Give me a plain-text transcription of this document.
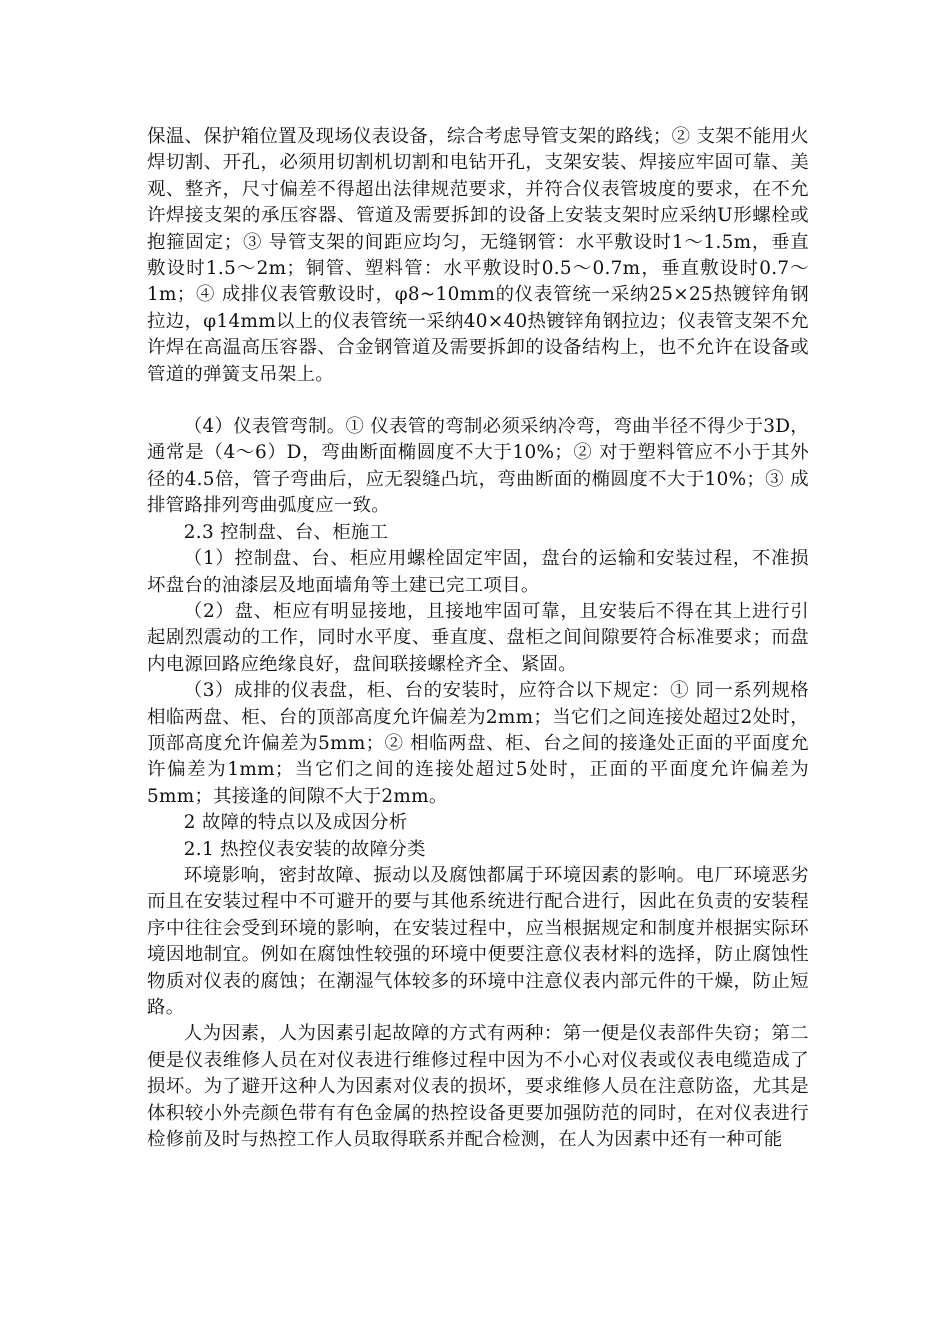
保温、保护箱位置及现场仪表设备，综合考虑导管支架的路线；② 支架不能用火焊切割、开孔，必须用切割机切割和电钻开孔，支架安装、焊接应牢固可靠、美观、整齐，尺寸偏差不得超出法律规范要求，并符合仪表管坡度的要求，在不允许焊接支架的承压容器、管道及需要拆卸的设备上安装支架时应采纳U形螺栓或抱箍固定；③ 导管支架的间距应均匀，无缝钢管：水平敷设时1～1.5m，垂直敷设时1.5～2m；铜管、塑料管：水平敷设时0.5～0.7m，垂直敷设时0.7～1m；④ 成排仪表管敷设时，φ8~10mm的仪表管统一采纳25×25热镀锌角钢拉边，φ14mm以上的仪表管统一采纳40×40热镀锌角钢拉边；仪表管支架不允许焊在高温高压容器、合金钢管道及需要拆卸的设备结构上，也不允许在设备或管道的弹簧支吊架上。

（4）仪表管弯制。① 仪表管的弯制必须采纳冷弯，弯曲半径不得少于3D，通常是（4～6）D，弯曲断面椭圆度不大于10%；② 对于塑料管应不小于其外径的4.5倍，管子弯曲后，应无裂缝凸坑，弯曲断面的椭圆度不大于10%；③ 成排管路排列弯曲弧度应一致。

2.3 控制盘、台、柜施工

（1）控制盘、台、柜应用螺栓固定牢固，盘台的运输和安装过程，不准损坏盘台的油漆层及地面墙角等土建已完工项目。

（2）盘、柜应有明显接地，且接地牢固可靠，且安装后不得在其上进行引起剧烈震动的工作，同时水平度、垂直度、盘柜之间间隙要符合标准要求；而盘内电源回路应绝缘良好，盘间联接螺栓齐全、紧固。

（3）成排的仪表盘，柜、台的安装时，应符合以下规定：① 同一系列规格相临两盘、柜、台的顶部高度允许偏差为2mm；当它们之间连接处超过2处时，顶部高度允许偏差为5mm；② 相临两盘、柜、台之间的接逢处正面的平面度允许偏差为1mm；当它们之间的连接处超过5处时，正面的平面度允许偏差为5mm；其接逢的间隙不大于2mm。

2 故障的特点以及成因分析

2.1 热控仪表安装的故障分类

环境影响，密封故障、振动以及腐蚀都属于环境因素的影响。电厂环境恶劣而且在安装过程中不可避开的要与其他系统进行配合进行，因此在负责的安装程序中往往会受到环境的影响，在安装过程中，应当根据规定和制度并根据实际环境因地制宜。例如在腐蚀性较强的环境中便要注意仪表材料的选择，防止腐蚀性物质对仪表的腐蚀；在潮湿气体较多的环境中注意仪表内部元件的干燥，防止短路。

人为因素，人为因素引起故障的方式有两种：第一便是仪表部件失窃；第二便是仪表维修人员在对仪表进行维修过程中因为不小心对仪表或仪表电缆造成了损坏。为了避开这种人为因素对仪表的损坏，要求维修人员在注意防盗，尤其是体积较小外壳颜色带有有色金属的热控设备更要加强防范的同时，在对仪表进行检修前及时与热控工作人员取得联系并配合检测，在人为因素中还有一种可能
